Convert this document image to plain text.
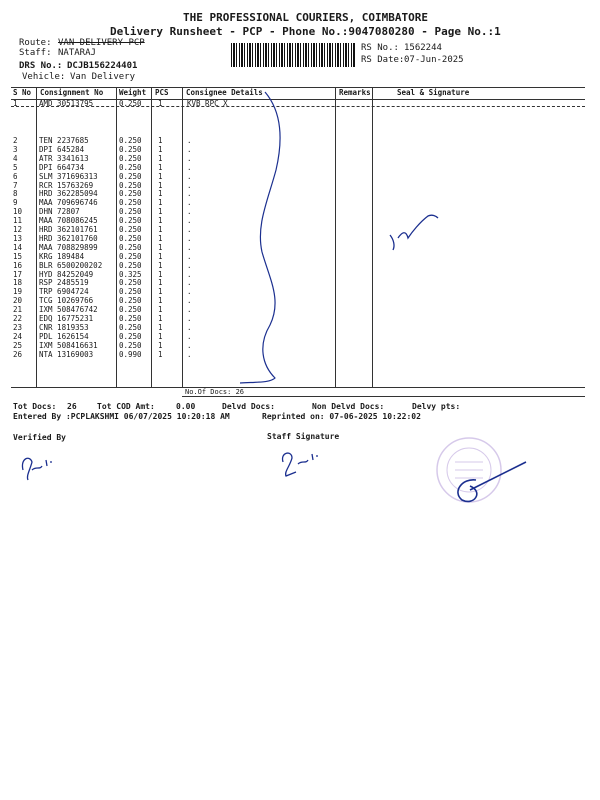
THE PROFESSIONAL COURIERS, COIMBATORE
Delivery Runsheet - PCP - Phone No.:9047080280 - Page No.:1
Route: VAN DELIVERY PCP
Staff: NATARAJ
DRS No.: DCJB156224401
Vehicle: Van Delivery
RS No.: 1562244
RS Date: 07-Jun-2025
S No Consignment No Weight PCS Consignee Details	Remarks	Seal & Signature
1	AMD 30513795	0.250 1	KVB RPC X
2	TEN 2237685	0.250 1	.
3	DPI 645284	0.250 1	.
4	ATR 3341613	0.250 1	.
5	DPI 664734	0.250 1	.
6	SLM 371696313	0.250 1	.
7	RCR 15763269	0.250 1	.
8	HRD 362285094	0.250 1	.
9	MAA 709696746	0.250 1	.
10 DHN 72807	0.250 1	.
11 MAA 708086245	0.250 1	.
12 HRD 362101761	0.250 1	.
13 HRD 362101760	0.250 1	.
14 MAA 708829899	0.250 1	.
15 KRG 189484	0.250 1	.
16 BLR 6500200202 0.250 1	.
17 HYD 84252049	0.325 1	.
18 RSP 2485519	0.250 1	.
19 TRP 6904724	0.250 1	.
20 TCG 10269766	0.250 1	.
21 IXM 508476742	0.250 1	.
22 EDQ 16775231	0.250 1	.
23 CNR 1819353	0.250 1	.
24 PDL 1626154	0.250 1	.
25 IXM 508416631	0.250 1	.
26 NTA 13169003	0.990 1	.
No.Of Docs: 26
Tot Docs: 26	Tot COD Amt:	0.00	Delvd Docs:	Non Delvd Docs:	Delvy pts:
Entered By :PCPLAKSHMI 06/07/2025 10:20:18 AM	Reprinted on: 07-06-2025 10:22:02
Verified By	Staff Signature
